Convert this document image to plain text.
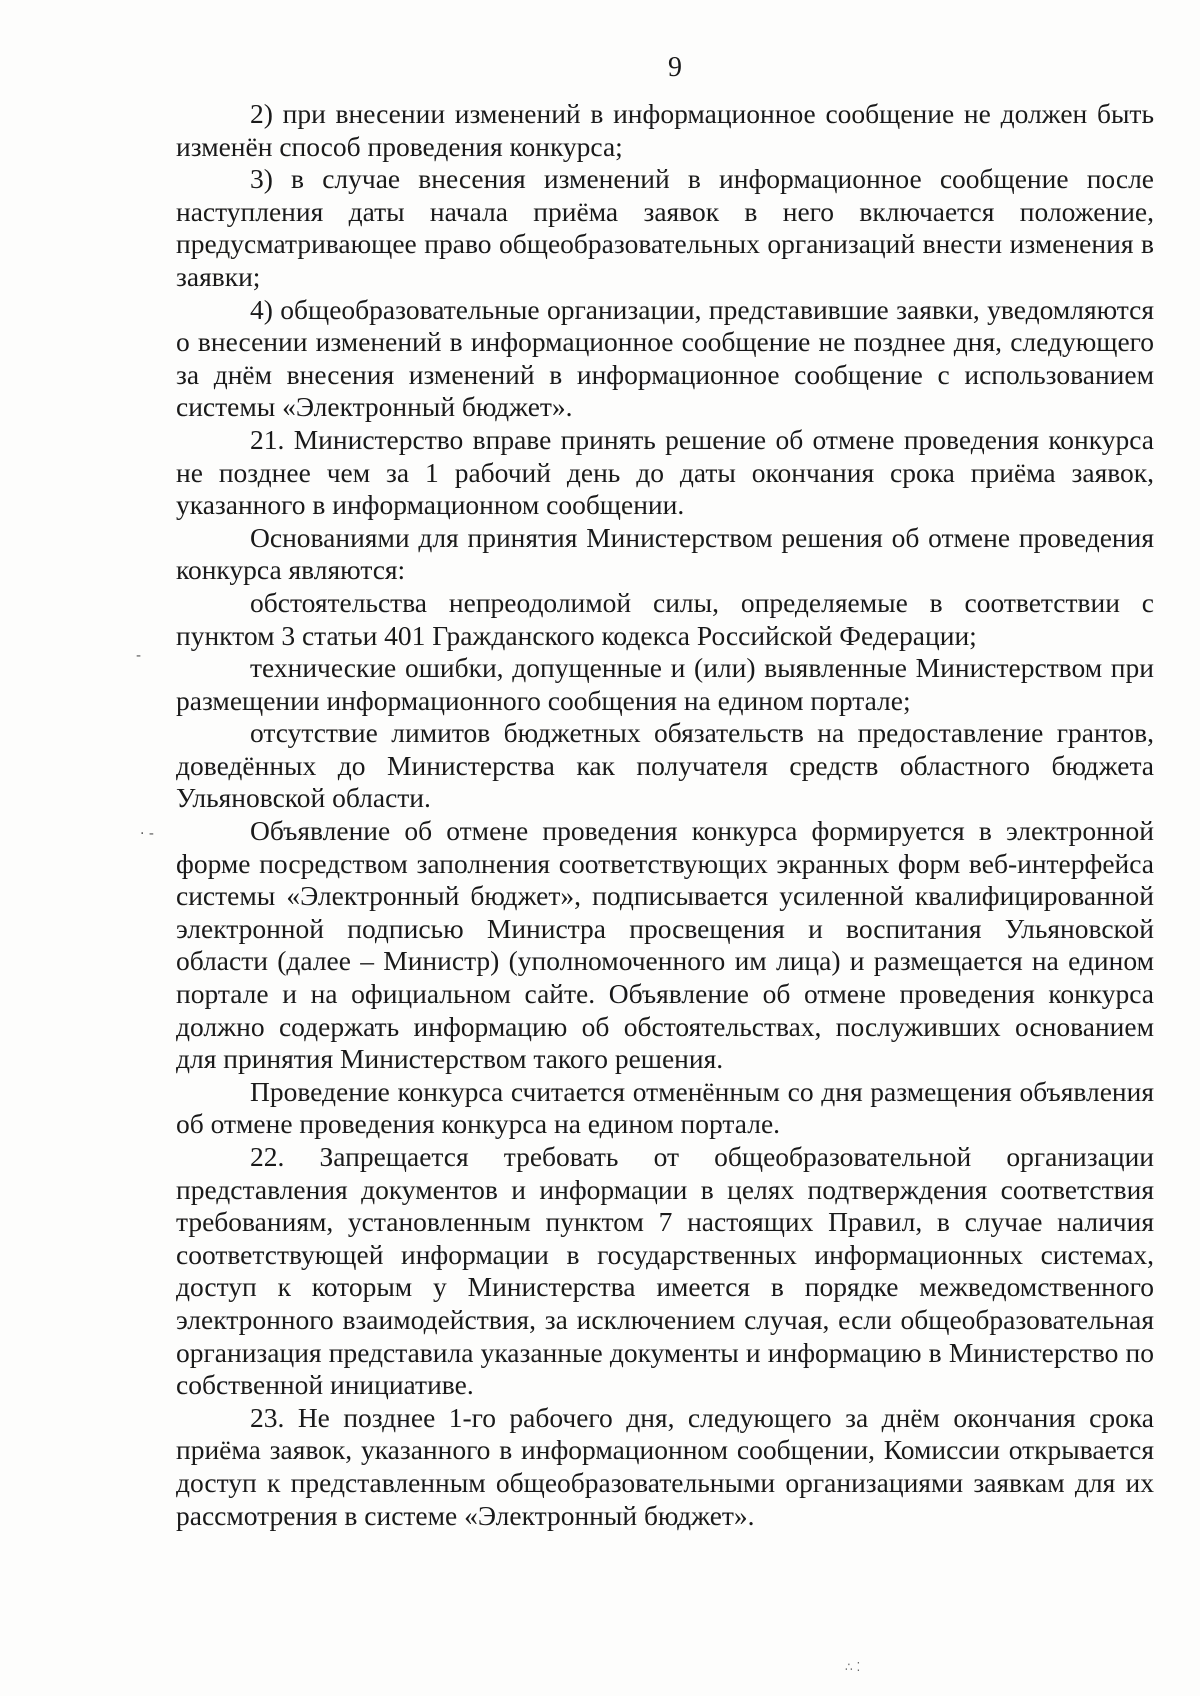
9

2) при внесении изменений в информационное сообщение не должен быть изменён способ проведения конкурса;

3) в случае внесения изменений в информационное сообщение после наступления даты начала приёма заявок в него включается положение, предусматривающее право общеобразовательных организаций внести изменения в заявки;

4) общеобразовательные организации, представившие заявки, уведомляются о внесении изменений в информационное сообщение не позднее дня, следующего за днём внесения изменений в информационное сообщение с использованием системы «Электронный бюджет».

21. Министерство вправе принять решение об отмене проведения конкурса не позднее чем за 1 рабочий день до даты окончания срока приёма заявок, указанного в информационном сообщении.

Основаниями для принятия Министерством решения об отмене проведения конкурса являются:

обстоятельства непреодолимой силы, определяемые в соответствии с пунктом 3 статьи 401 Гражданского кодекса Российской Федерации;

технические ошибки, допущенные и (или) выявленные Министерством при размещении информационного сообщения на едином портале;

отсутствие лимитов бюджетных обязательств на предоставление грантов, доведённых до Министерства как получателя средств областного бюджета Ульяновской области.

Объявление об отмене проведения конкурса формируется в электронной форме посредством заполнения соответствующих экранных форм веб-интерфейса системы «Электронный бюджет», подписывается усиленной квалифицированной электронной подписью Министра просвещения и воспитания Ульяновской области (далее – Министр) (уполномоченного им лица) и размещается на едином портале и на официальном сайте. Объявление об отмене проведения конкурса должно содержать информацию об обстоятельствах, послуживших основанием для принятия Министерством такого решения.

Проведение конкурса считается отменённым со дня размещения объявления об отмене проведения конкурса на едином портале.

22. Запрещается требовать от общеобразовательной организации представления документов и информации в целях подтверждения соответствия требованиям, установленным пунктом 7 настоящих Правил, в случае наличия соответствующей информации в государственных информационных системах, доступ к которым у Министерства имеется в порядке межведомственного электронного взаимодействия, за исключением случая, если общеобразовательная организация представила указанные документы и информацию в Министерство по собственной инициативе.

23. Не позднее 1-го рабочего дня, следующего за днём окончания срока приёма заявок, указанного в информационном сообщении, Комиссии открывается доступ к представленным общеобразовательными организациями заявкам для их рассмотрения в системе «Электронный бюджет».

-
· -
∴ ⁚
